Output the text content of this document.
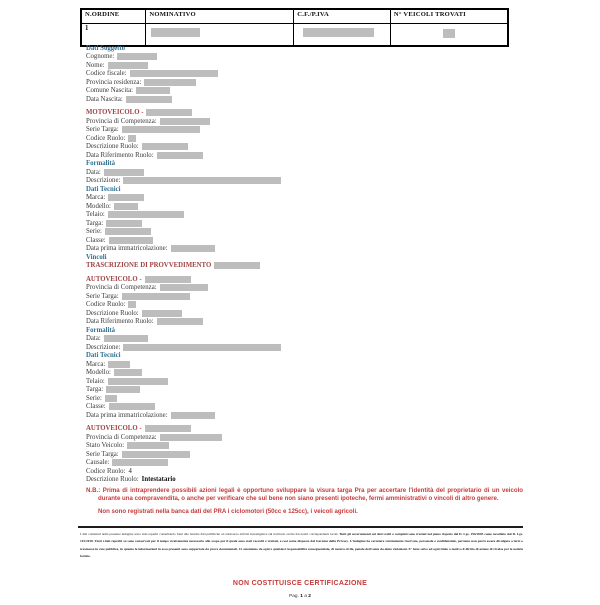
N.ORDINE	NOMINATIVO	C.F./P.IVA	N° VEICOLI TROVATI
1			
Dati Soggetto
Cognome:
Nome:
Codice fiscale:
Provincia residenza:
Comune Nascita:
Data Nascita:
MOTOVEICOLO -
Provincia di Competenza:
Serie Targa:
Codice Ruolo:
Descrizione Ruolo:
Data Riferimento Ruolo:
Formalità
Data:
Descrizione:
Dati Tecnici
Marca:
Modello:
Telaio:
Targa:
Serie:
Classe:
Data prima immatricolazione:
Vincoli
TRASCRIZIONE DI PROVVEDIMENTO
AUTOVEICOLO -
Provincia di Competenza:
Serie Targa:
Codice Ruolo:
Descrizione Ruolo:
Data Riferimento Ruolo:
Formalità
Data:
Descrizione:
Dati Tecnici
Marca:
Modello:
Telaio:
Targa:
Serie:
Classe:
Data prima immatricolazione:
AUTOVEICOLO -
Provincia di Competenza:
Stato Veicolo:
Serie Targa:
Causale:
Codice Ruolo: 4
Descrizione Ruolo: Intestatario
N.B.: Prima di intraprendere possibili azioni legali è opportuno sviluppare la visura targa Pra per accertare l'identità del proprietario di un veicolo durante una compravendita, o anche per verificare che sul bene non siano presenti ipoteche, fermi amministrativi o vincoli di altro genere.
Non sono registrati nella banca dati del PRA i ciclomotori (50cc e 125cc), i veicoli agricoli.
I dati contenuti nella presente indagine sono stati reperiti consultando fonti alle banche dati pubbliche od attraverso attività investigative sul territorio svolte dai nostri corrispondenti locali. Tutti gli accertamenti sui dati svolti e compiuti sono trattati nel pieno rispetto del D. Lgs. 196/2003 come novellato dal D. Lgs. 101/2018. Tutti i dati reperiti su sono conservati per il tempo strettamente necessario allo scopo per il quale sono stati raccolti e trattati, e così come disposto dal Garante della Privacy. L'indagine ha carattere strettamente riservato, personale e confidenziale, pertanto non potrà essere divulgata a terzi o trasmessa in rete pubblica, in quanto le informazioni in essa presenti sono supportate da prove documentali. Ci asteniamo da ogni e qualsiasi responsabilità conseguenziale, di natura civile, penale derivante da dette violazioni. E' fatto salvo ad ogni titolo o motivo il diritto di azione di rivalsa per le notizie fornite.
NON COSTITUISCE CERTIFICAZIONE
Pag. 1 a 2
